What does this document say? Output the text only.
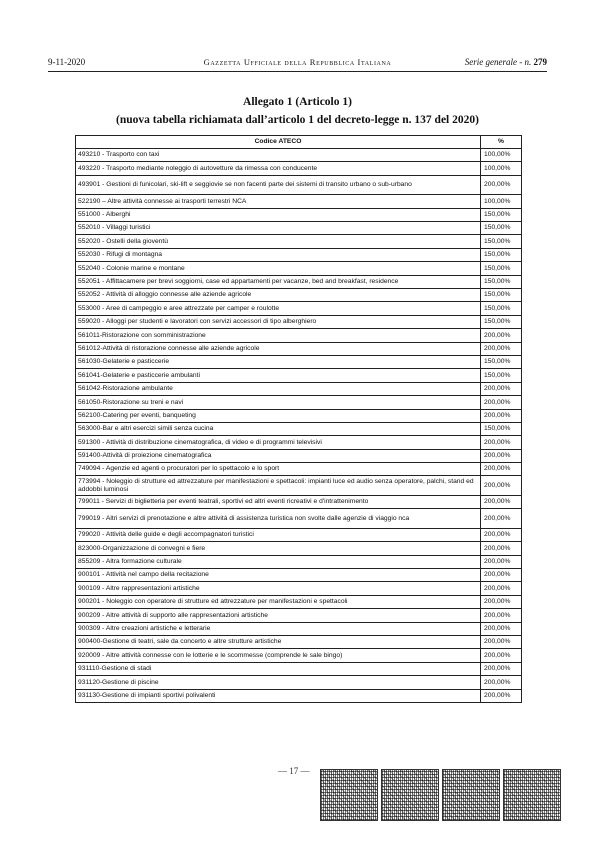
9-11-2020	Gazzetta Ufficiale della Repubblica Italiana	Serie generale - n. 279
Allegato 1 (Articolo 1)
(nuova tabella richiamata dall’articolo 1 del decreto-legge n. 137 del 2020)
Codice ATECO	%
493210 - Trasporto con taxi	100,00%
493220 - Trasporto mediante noleggio di autovetture da rimessa con conducente	100,00%
493901 - Gestioni di funicolari, ski-lift e seggiovie se non facenti parte dei sistemi di transito urbano o sub-urbano	200,00%
522190 – Altre attività connesse ai trasporti terrestri NCA	100,00%
551000 - Alberghi	150,00%
552010 - Villaggi turistici	150,00%
552020 - Ostelli della gioventù	150,00%
552030 - Rifugi di montagna	150,00%
552040 - Colonie marine e montane	150,00%
552051 - Affittacamere per brevi soggiorni, case ed appartamenti per vacanze, bed and breakfast, residence	150,00%
552052 - Attività di alloggio connesse alle aziende agricole	150,00%
553000 - Aree di campeggio e aree attrezzate per camper e roulotte	150,00%
559020 - Alloggi per studenti e lavoratori con servizi accessori di tipo alberghiero	150,00%
561011-Ristorazione con somministrazione	200,00%
561012-Attività di ristorazione connesse alle aziende agricole	200,00%
561030-Gelaterie e pasticcerie	150,00%
561041-Gelaterie e pasticcerie ambulanti	150,00%
561042-Ristorazione ambulante	200,00%
561050-Ristorazione su treni e navi	200,00%
562100-Catering per eventi, banqueting	200,00%
563000-Bar e altri esercizi simili senza cucina	150,00%
591300 - Attività di distribuzione cinematografica, di video e di programmi televisivi	200,00%
591400-Attività di proiezione cinematografica	200,00%
749094 - Agenzie ed agenti o procuratori per lo spettacolo e lo sport	200,00%
773994 - Noleggio di strutture ed attrezzature per manifestazioni e spettacoli: impianti luce ed audio senza operatore, palchi, stand ed addobbi luminosi	200,00%
799011 - Servizi di biglietteria per eventi teatrali, sportivi ed altri eventi ricreativi e d'intrattenimento	200,00%
799019 - Altri servizi di prenotazione e altre attività di assistenza turistica non svolte dalle agenzie di viaggio nca	200,00%
799020 - Attività delle guide e degli accompagnatori turistici	200,00%
823000-Organizzazione di convegni e fiere	200,00%
855209 - Altra formazione culturale	200,00%
900101 - Attività nel campo della recitazione	200,00%
900109 - Altre rappresentazioni artistiche	200,00%
900201 - Noleggio con operatore di strutture ed attrezzature per manifestazioni e spettacoli	200,00%
900209 - Altre attività di supporto alle rappresentazioni artistiche	200,00%
900309 - Altre creazioni artistiche e letterarie	200,00%
900400-Gestione di teatri, sale da concerto e altre strutture artistiche	200,00%
920009 - Altre attività connesse con le lotterie e le scommesse (comprende le sale bingo)	200,00%
931110-Gestione di stadi	200,00%
931120-Gestione di piscine	200,00%
931130-Gestione di impianti sportivi polivalenti	200,00%
— 17 —
